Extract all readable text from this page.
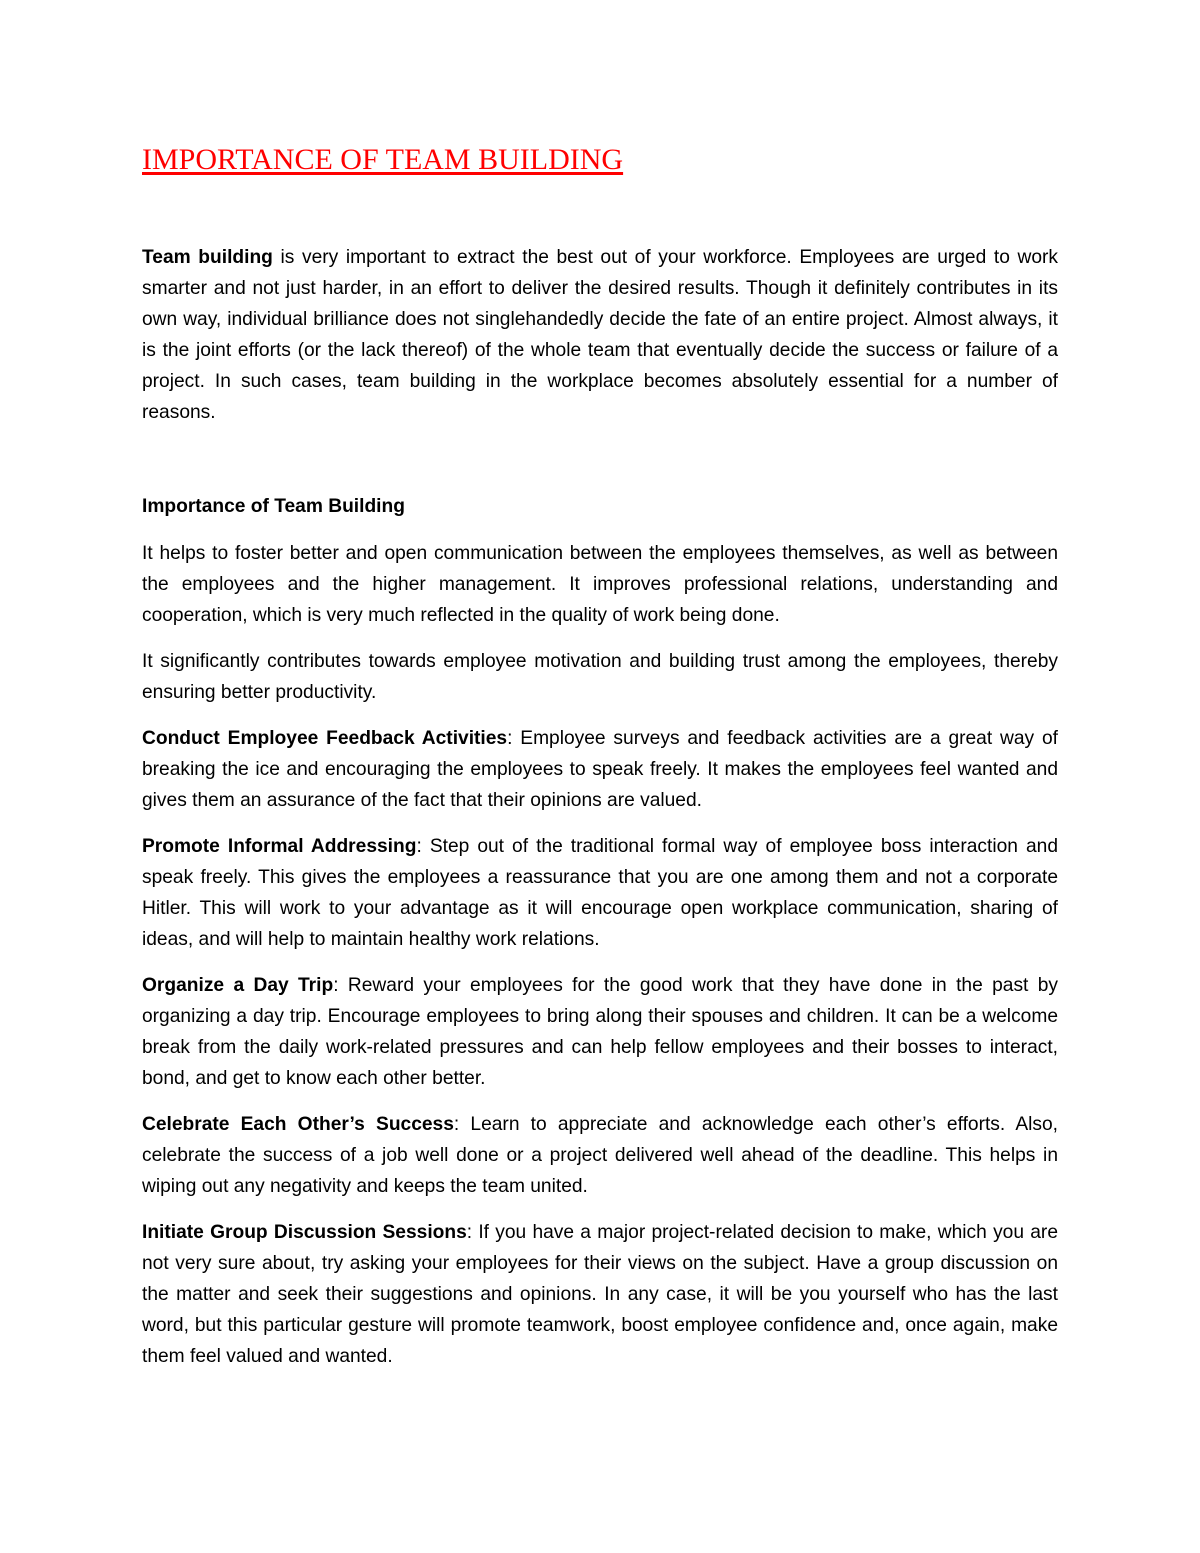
IMPORTANCE OF TEAM BUILDING

Team building is very important to extract the best out of your workforce. Employees are urged to work smarter and not just harder, in an effort to deliver the desired results. Though it definitely contributes in its own way, individual brilliance does not singlehandedly decide the fate of an entire project. Almost always, it is the joint efforts (or the lack thereof) of the whole team that eventually decide the success or failure of a project. In such cases, team building in the workplace becomes absolutely essential for a number of reasons.

Importance of Team Building

It helps to foster better and open communication between the employees themselves, as well as between the employees and the higher management. It improves professional relations, understanding and cooperation, which is very much reflected in the quality of work being done.

It significantly contributes towards employee motivation and building trust among the employees, thereby ensuring better productivity.

Conduct Employee Feedback Activities: Employee surveys and feedback activities are a great way of breaking the ice and encouraging the employees to speak freely. It makes the employees feel wanted and gives them an assurance of the fact that their opinions are valued.

Promote Informal Addressing: Step out of the traditional formal way of employee boss interaction and speak freely. This gives the employees a reassurance that you are one among them and not a corporate Hitler. This will work to your advantage as it will encourage open workplace communication, sharing of ideas, and will help to maintain healthy work relations.

Organize a Day Trip: Reward your employees for the good work that they have done in the past by organizing a day trip. Encourage employees to bring along their spouses and children. It can be a welcome break from the daily work-related pressures and can help fellow employees and their bosses to interact, bond, and get to know each other better.

Celebrate Each Other’s Success: Learn to appreciate and acknowledge each other’s efforts. Also, celebrate the success of a job well done or a project delivered well ahead of the deadline. This helps in wiping out any negativity and keeps the team united.

Initiate Group Discussion Sessions: If you have a major project-related decision to make, which you are not very sure about, try asking your employees for their views on the subject. Have a group discussion on the matter and seek their suggestions and opinions. In any case, it will be you yourself who has the last word, but this particular gesture will promote teamwork, boost employee confidence and, once again, make them feel valued and wanted.
